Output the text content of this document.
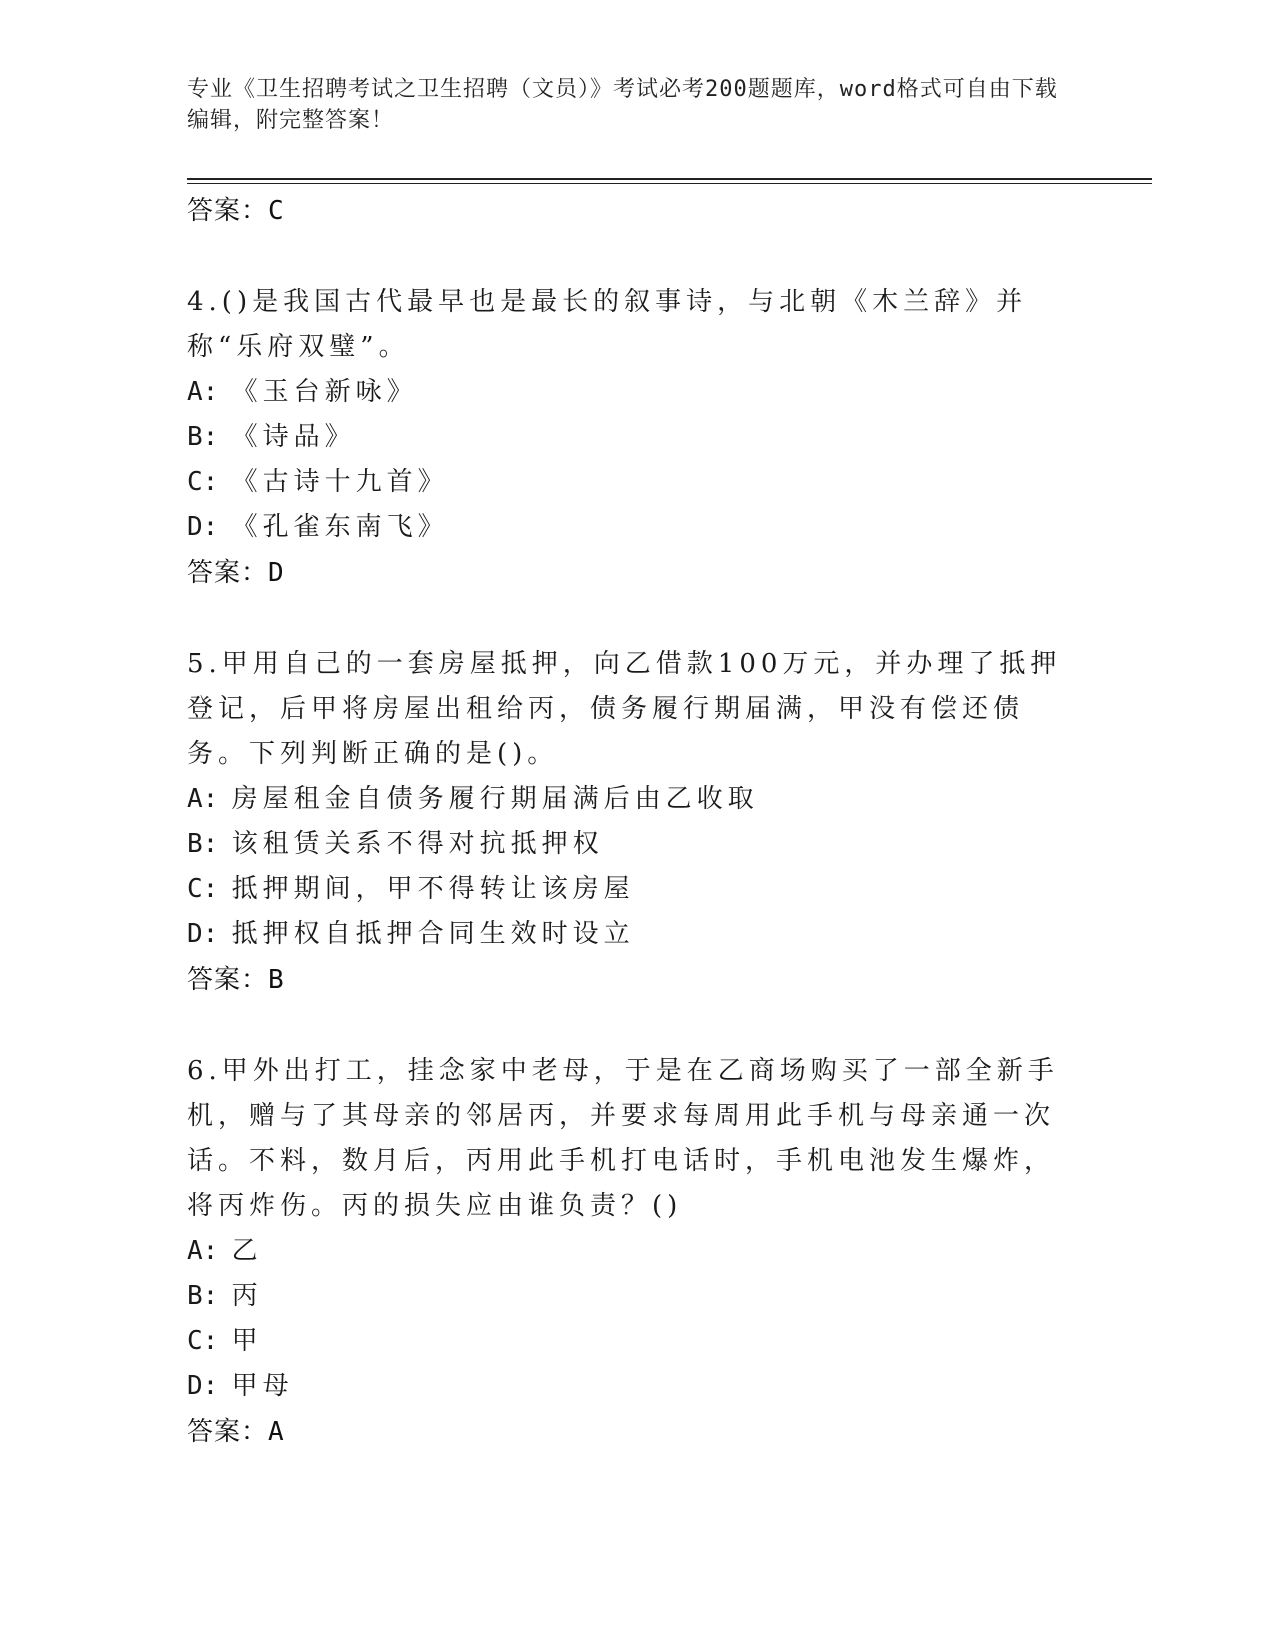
专业《卫生招聘考试之卫生招聘（文员）》考试必考200题题库，word格式可自由下载编辑，附完整答案！
答案：C
4.()是我国古代最早也是最长的叙事诗，与北朝《木兰辞》并称“乐府双璧”。
A: 《玉台新咏》
B: 《诗品》
C: 《古诗十九首》
D: 《孔雀东南飞》
答案：D
5.甲用自己的一套房屋抵押，向乙借款100万元，并办理了抵押登记，后甲将房屋出租给丙，债务履行期届满，甲没有偿还债务。下列判断正确的是()。
A: 房屋租金自债务履行期届满后由乙收取
B: 该租赁关系不得对抗抵押权
C: 抵押期间，甲不得转让该房屋
D: 抵押权自抵押合同生效时设立
答案：B
6.甲外出打工，挂念家中老母，于是在乙商场购买了一部全新手机，赠与了其母亲的邻居丙，并要求每周用此手机与母亲通一次话。不料，数月后，丙用此手机打电话时，手机电池发生爆炸，将丙炸伤。丙的损失应由谁负责？()
A: 乙
B: 丙
C: 甲
D: 甲母
答案：A
